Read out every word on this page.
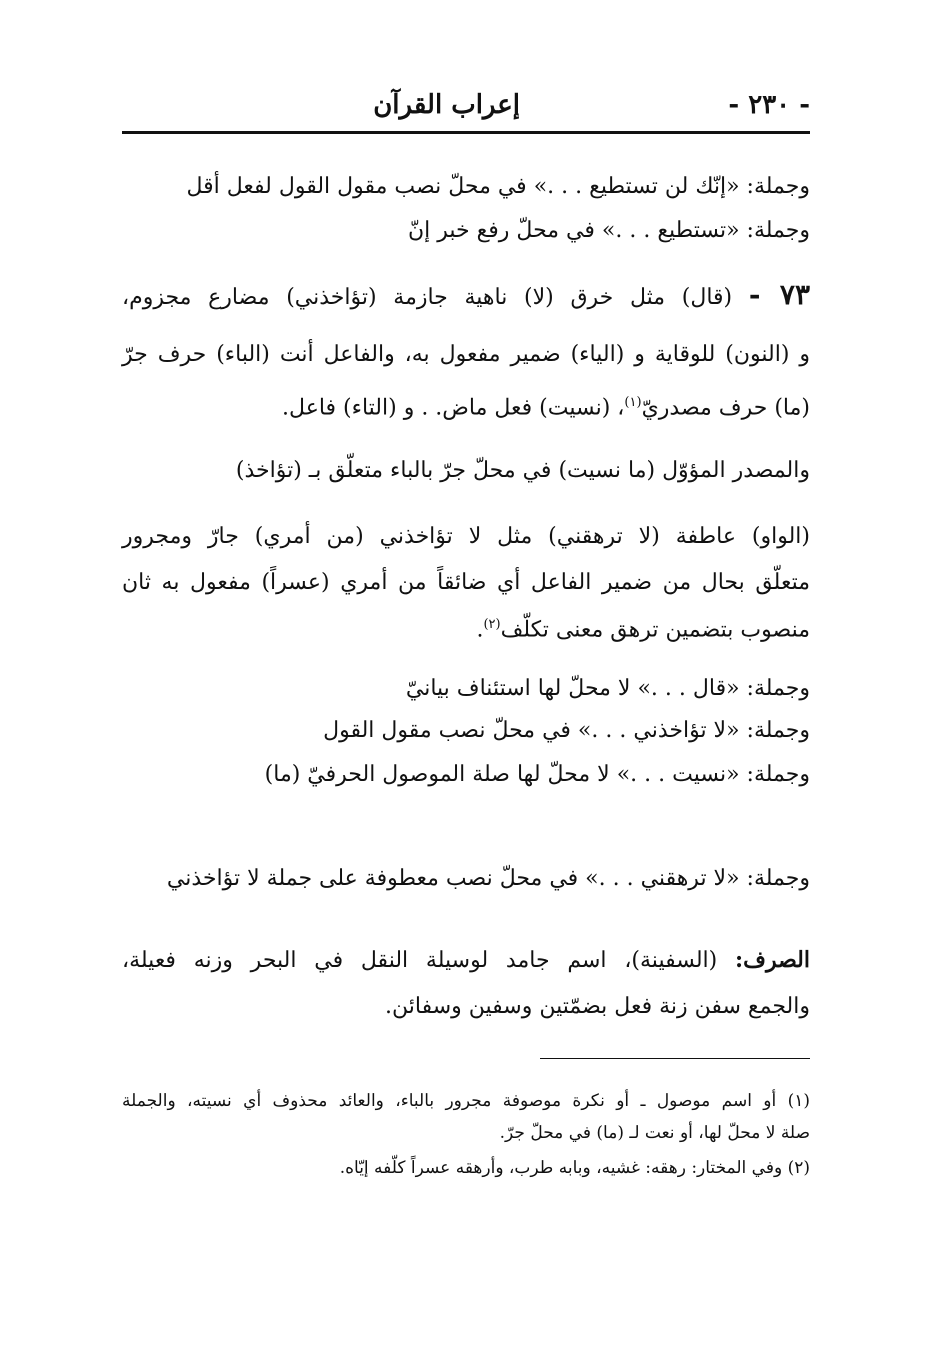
- ٢٣٠ -
إعراب القرآن
وجملة: «إنّك لن تستطيع . . .» في محلّ نصب مقول القول لفعل أقل
وجملة: «تستطيع . . .» في محلّ رفع خبر إنّ
٧٣ - (قال) مثل خرق (لا) ناهية جازمة (تؤاخذني) مضارع مجزوم،
و (النون) للوقاية و (الياء) ضمير مفعول به، والفاعل أنت (الباء) حرف جرّ
(ما) حرف مصدريّ$^{(١)}$، (نسيت) فعل ماض. . و (التاء) فاعل.
والمصدر المؤوّل (ما نسيت) في محلّ جرّ بالباء متعلّق بـ (تؤاخذ)
(الواو) عاطفة (لا ترهقني) مثل لا تؤاخذني (من أمري) جارّ ومجرور
متعلّق بحال من ضمير الفاعل أي ضائقاً من أمري (عسراً) مفعول به ثان
منصوب بتضمين ترهق معنى تكلّف$^{(٢)}$.
وجملة: «قال . . .» لا محلّ لها استئناف بيانيّ
وجملة: «لا تؤاخذني . . .» في محلّ نصب مقول القول
وجملة: «نسيت . . .» لا محلّ لها صلة الموصول الحرفيّ (ما)
وجملة: «لا ترهقني . . .» في محلّ نصب معطوفة على جملة لا تؤاخذني
الصرف: (السفينة)، اسم جامد لوسيلة النقل في البحر وزنه فعيلة،
والجمع سفن زنة فعل بضمّتين وسفين وسفائن.
(١) أو اسم موصول ـ أو نكرة موصوفة مجرور بالباء، والعائد محذوف أي نسيته، والجملة
صلة لا محلّ لها، أو نعت لـ (ما) في محلّ جرّ.
(٢) وفي المختار: رهقه: غشيه، وبابه طرب، وأرهقه عسراً كلّفه إيّاه.
